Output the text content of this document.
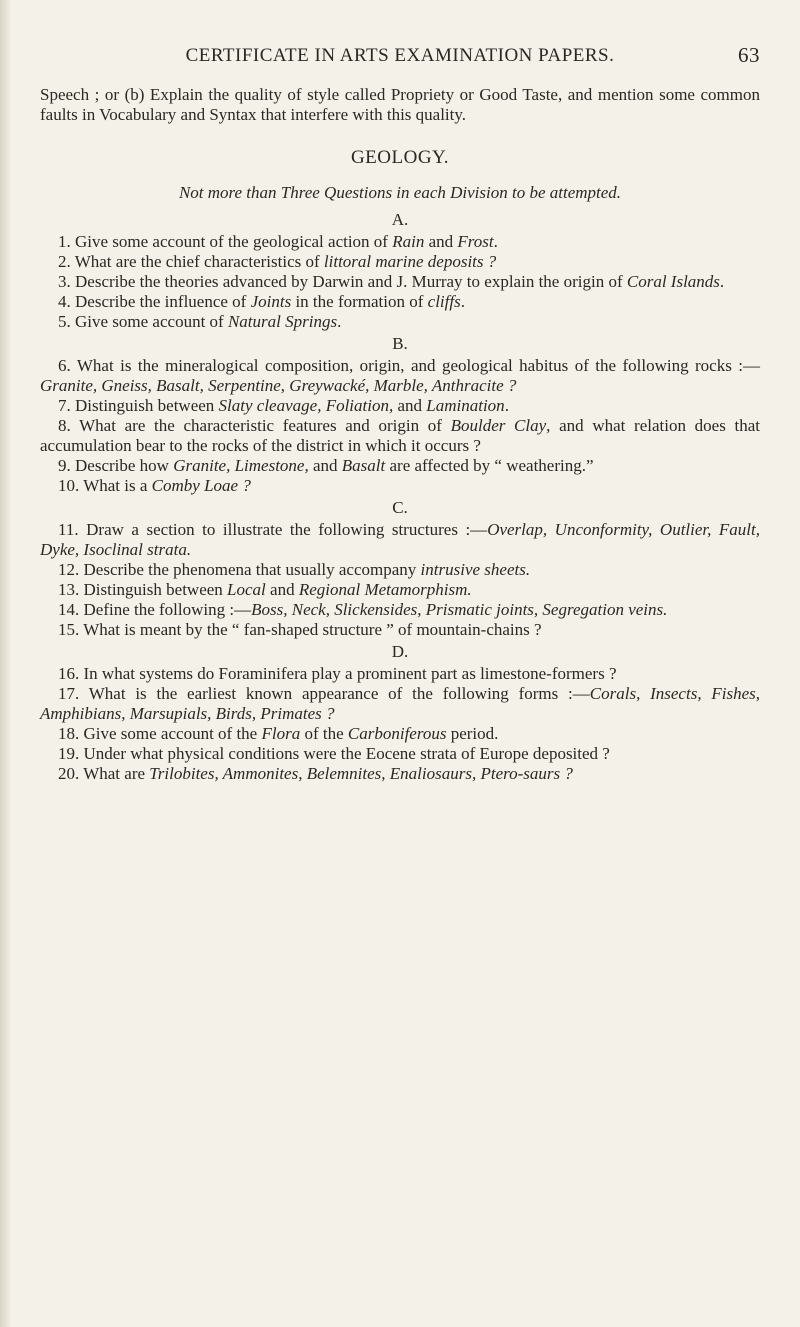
CERTIFICATE IN ARTS EXAMINATION PAPERS.	63

Speech ; or (b) Explain the quality of style called Propriety or Good Taste, and mention some common faults in Vocabulary and Syntax that interfere with this quality.

GEOLOGY.
Not more than Three Questions in each Division to be attempted.
A.

1. Give some account of the geological action of Rain and Frost.

2. What are the chief characteristics of littoral marine deposits ?

3. Describe the theories advanced by Darwin and J. Murray to explain the origin of Coral Islands.

4. Describe the influence of Joints in the formation of cliffs.

5. Give some account of Natural Springs.

B.

6. What is the mineralogical composition, origin, and geological habitus of the following rocks :—Granite, Gneiss, Basalt, Serpentine, Greywacké, Marble, Anthracite ?

7. Distinguish between Slaty cleavage, Foliation, and Lamination.

8. What are the characteristic features and origin of Boulder Clay, and what relation does that accumulation bear to the rocks of the district in which it occurs ?

9. Describe how Granite, Limestone, and Basalt are affected by “ weathering.”

10. What is a Comby Loae ?

C.

11. Draw a section to illustrate the following structures :—Overlap, Unconformity, Outlier, Fault, Dyke, Isoclinal strata.

12. Describe the phenomena that usually accompany intrusive sheets.

13. Distinguish between Local and Regional Metamorphism.

14. Define the following :—Boss, Neck, Slickensides, Prismatic joints, Segregation veins.

15. What is meant by the “ fan-shaped structure ” of mountain-chains ?

D.

16. In what systems do Foraminifera play a prominent part as limestone-formers ?

17. What is the earliest known appearance of the following forms :—Corals, Insects, Fishes, Amphibians, Marsupials, Birds, Primates ?

18. Give some account of the Flora of the Carboniferous period.

19. Under what physical conditions were the Eocene strata of Europe deposited ?

20. What are Trilobites, Ammonites, Belemnites, Enaliosaurs, Ptero-saurs ?
